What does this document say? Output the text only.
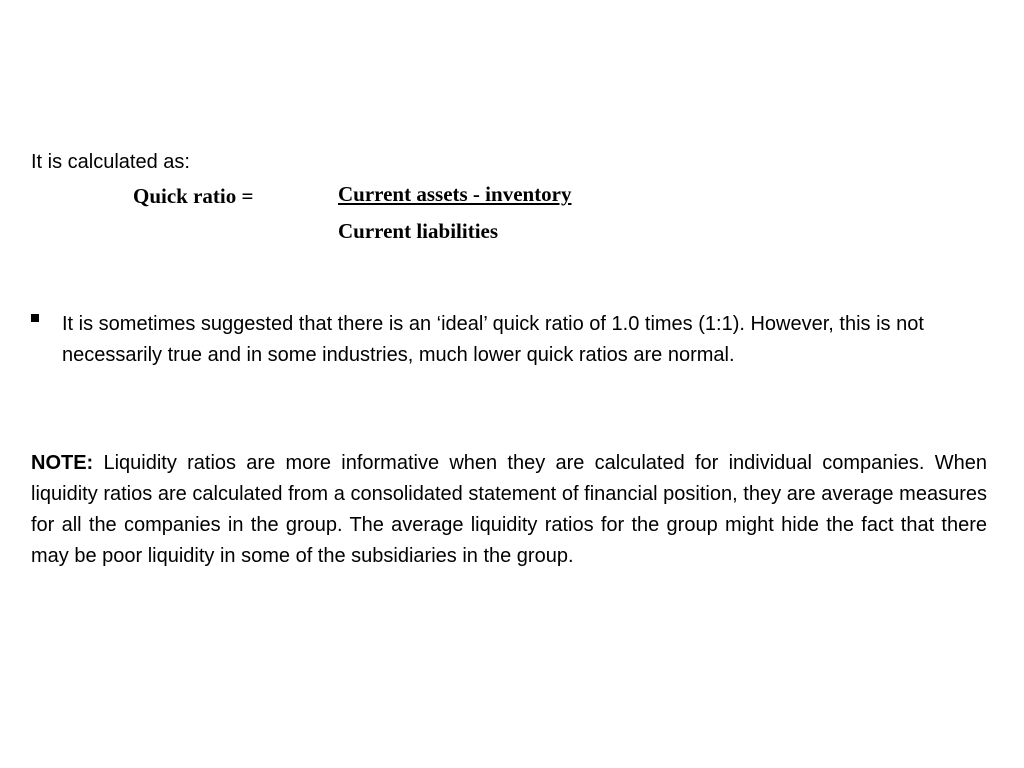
It is calculated as:

Quick ratio =	Current assets - inventory
Current liabilities

It is sometimes suggested that there is an ‘ideal’ quick ratio of 1.0 times (1:1). However, this is not necessarily true and in some industries, much lower quick ratios are normal.

NOTE: Liquidity ratios are more informative when they are calculated for individual companies. When liquidity ratios are calculated from a consolidated statement of financial position, they are average measures for all the companies in the group. The average liquidity ratios for the group might hide the fact that there may be poor liquidity in some of the subsidiaries in the group.
